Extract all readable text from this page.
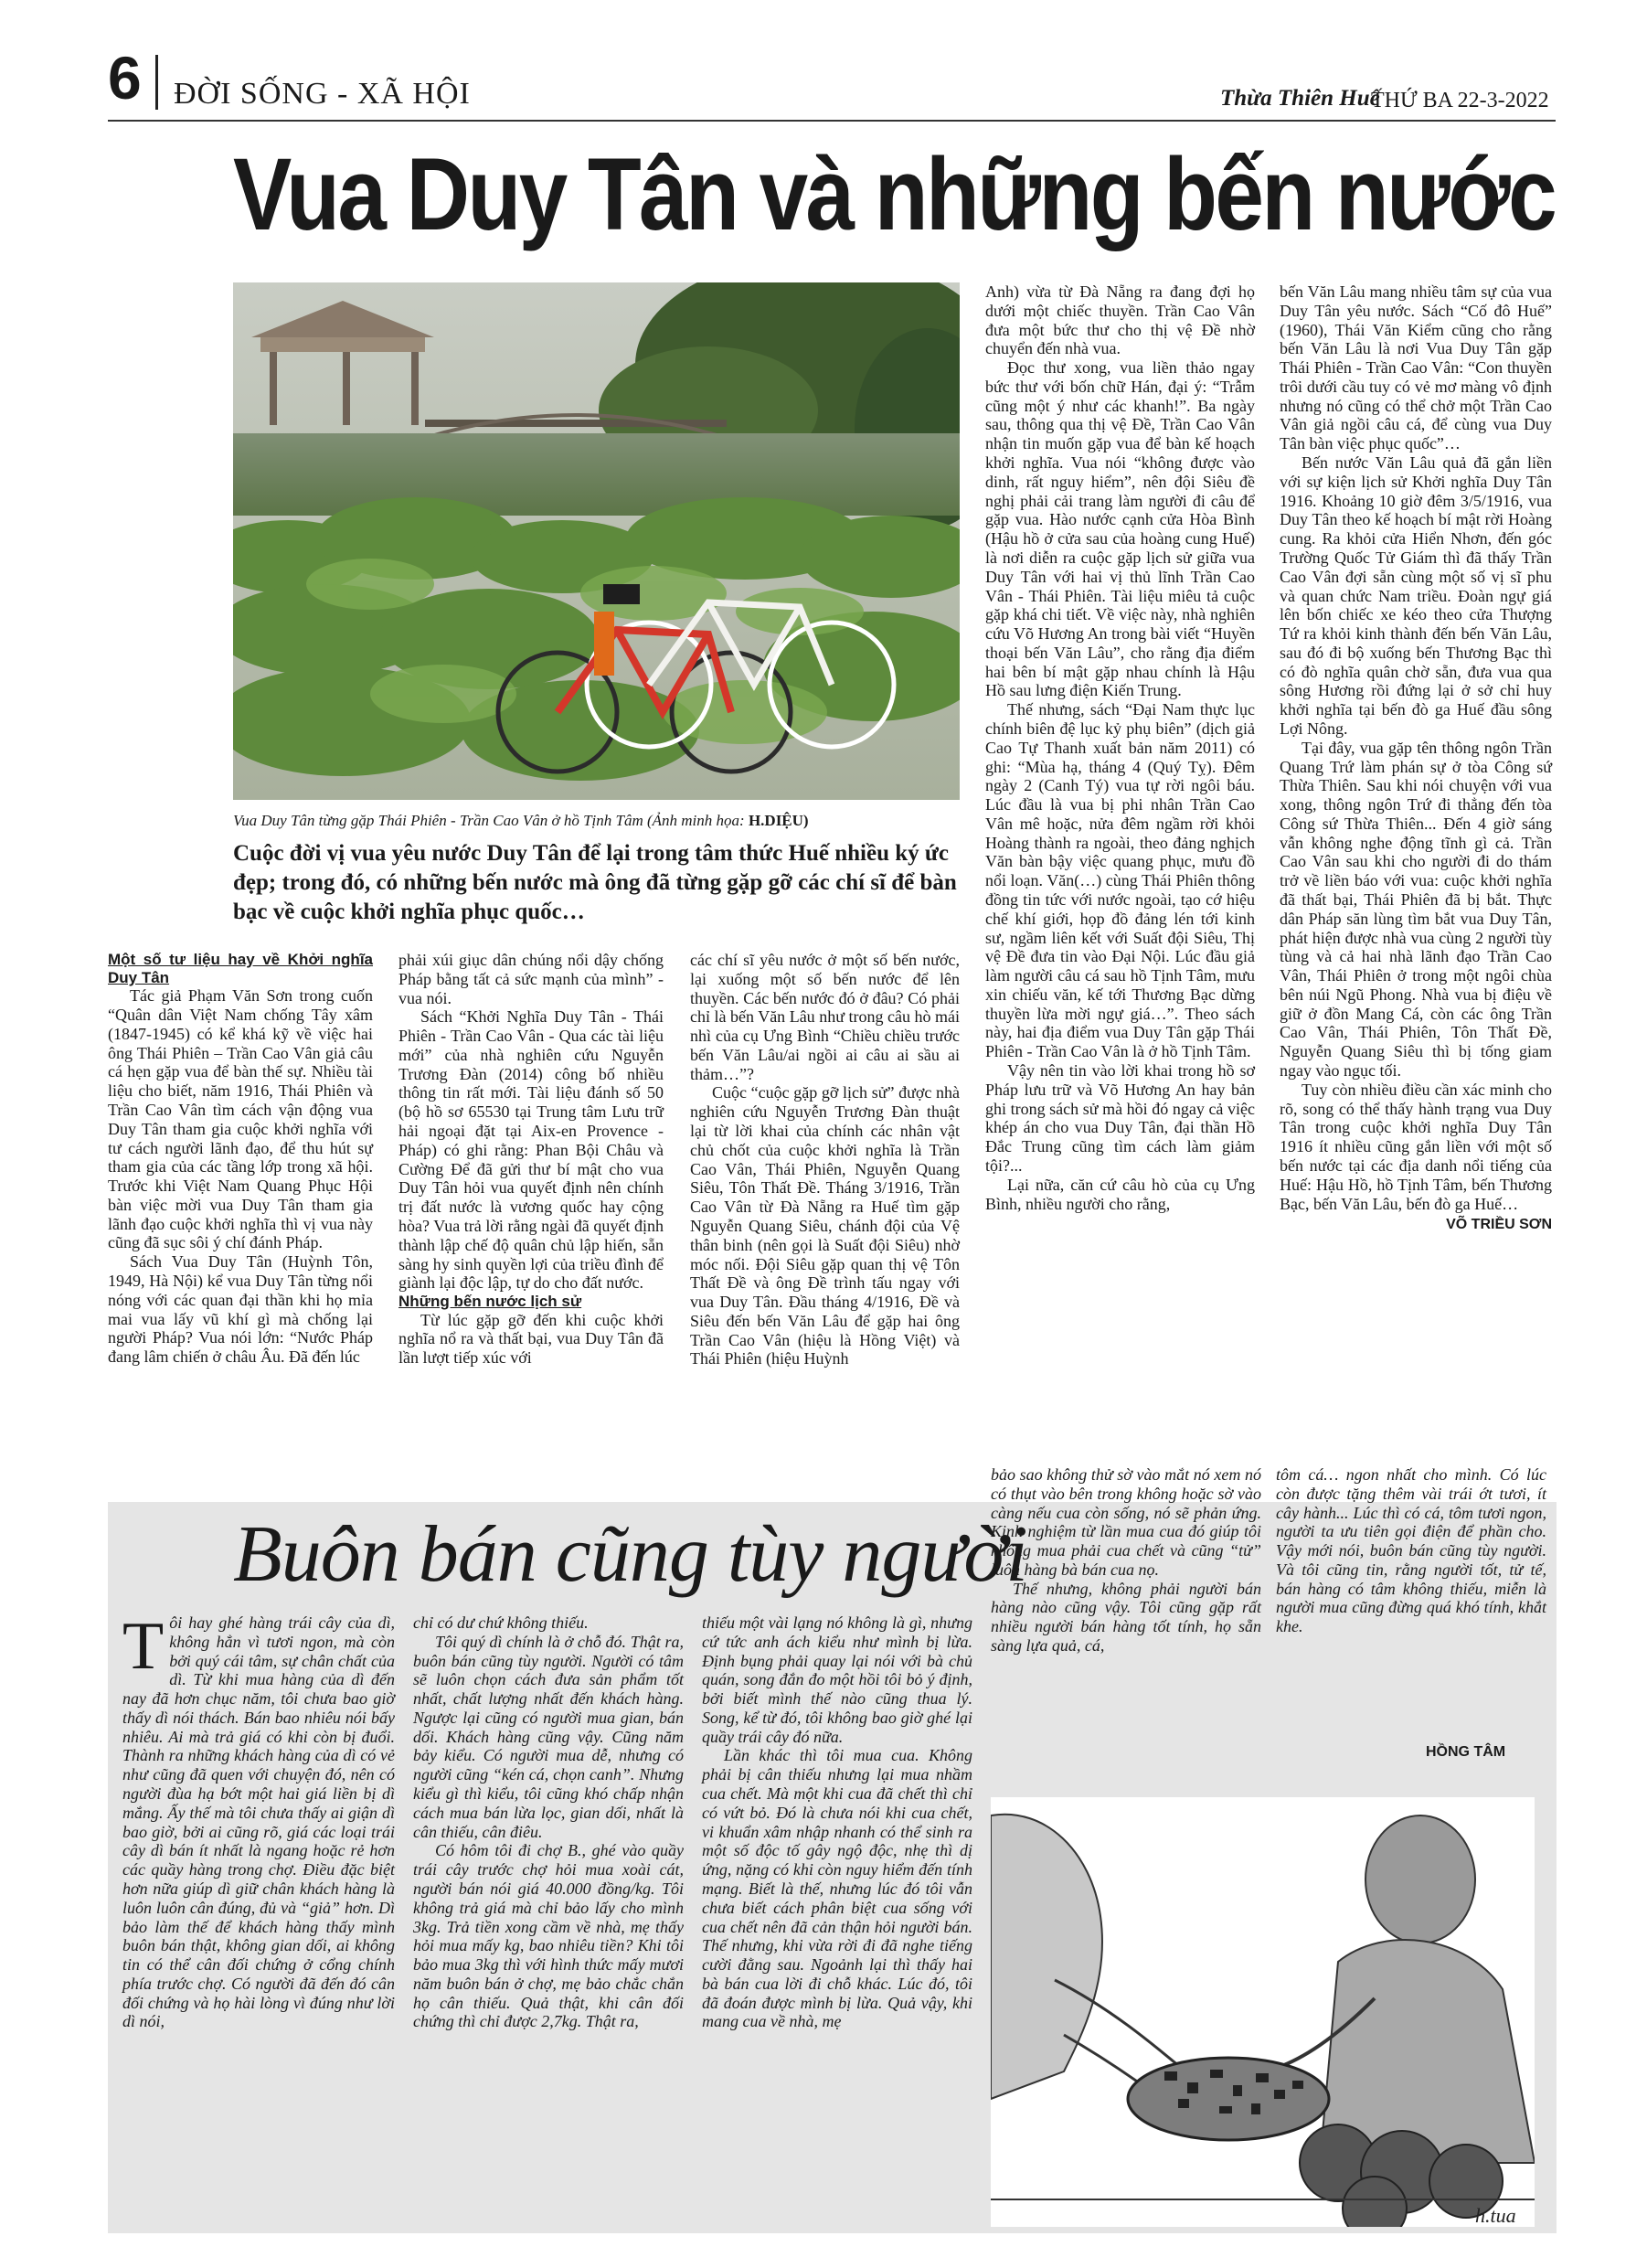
6 ĐỜI SỐNG - XÃ HỘI	Thừa Thiên Huế
THỨ BA 22-3-2022
Vua Duy Tân và những bến nước
Vua Duy Tân từng gặp Thái Phiên - Trần Cao Vân ở hồ Tịnh Tâm (Ảnh minh họa: H.DIỆU)
Cuộc đời vị vua yêu nước Duy Tân để lại trong tâm thức Huế nhiều ký ức đẹp; trong đó, có những bến nước mà ông đã từng gặp gỡ các chí sĩ để bàn bạc về cuộc khởi nghĩa phục quốc…

Một số tư liệu hay về Khởi nghĩa Duy Tân

Tác giả Phạm Văn Sơn trong cuốn “Quân dân Việt Nam chống Tây xâm (1847-1945) có kể khá kỹ về việc hai ông Thái Phiên – Trần Cao Vân giả câu cá hẹn gặp vua để bàn thế sự. Nhiều tài liệu cho biết, năm 1916, Thái Phiên và Trần Cao Vân tìm cách vận động vua Duy Tân tham gia cuộc khởi nghĩa với tư cách người lãnh đạo, để thu hút sự tham gia của các tầng lớp trong xã hội. Trước khi Việt Nam Quang Phục Hội bàn việc mời vua Duy Tân tham gia lãnh đạo cuộc khởi nghĩa thì vị vua này cũng đã sục sôi ý chí đánh Pháp.

Sách Vua Duy Tân (Huỳnh Tôn, 1949, Hà Nội) kể vua Duy Tân từng nổi nóng với các quan đại thần khi họ mỉa mai vua lấy vũ khí gì mà chống lại người Pháp? Vua nói lớn: “Nước Pháp đang lâm chiến ở châu Âu. Đã đến lúc

phải xúi giục dân chúng nổi dậy chống Pháp bằng tất cả sức mạnh của mình” - vua nói.

Sách “Khởi Nghĩa Duy Tân - Thái Phiên - Trần Cao Vân - Qua các tài liệu mới” của nhà nghiên cứu Nguyễn Trương Đàn (2014) công bố nhiều thông tin rất mới. Tài liệu đánh số 50 (bộ hồ sơ 65530 tại Trung tâm Lưu trữ hải ngoại đặt tại Aix-en Provence - Pháp) có ghi rằng: Phan Bội Châu và Cường Để đã gửi thư bí mật cho vua Duy Tân hỏi vua quyết định nên chính trị đất nước là vương quốc hay cộng hòa? Vua trả lời rằng ngài đã quyết định thành lập chế độ quân chủ lập hiến, sẵn sàng hy sinh quyền lợi của triều đình để giành lại độc lập, tự do cho đất nước.

Những bến nước lịch sử

Từ lúc gặp gỡ đến khi cuộc khởi nghĩa nổ ra và thất bại, vua Duy Tân đã lần lượt tiếp xúc với

các chí sĩ yêu nước ở một số bến nước, lại xuống một số bến nước để lên thuyền. Các bến nước đó ở đâu? Có phải chỉ là bến Văn Lâu như trong câu hò mái nhì của cụ Ưng Bình “Chiều chiều trước bến Văn Lâu/ai ngồi ai câu ai sầu ai thảm…”?

Cuộc “cuộc gặp gỡ lịch sử” được nhà nghiên cứu Nguyễn Trương Đàn thuật lại từ lời khai của chính các nhân vật chủ chốt của cuộc khởi nghĩa là Trần Cao Vân, Thái Phiên, Nguyễn Quang Siêu, Tôn Thất Đề. Tháng 3/1916, Trần Cao Vân từ Đà Nẵng ra Huế tìm gặp Nguyễn Quang Siêu, chánh đội của Vệ thân binh (nên gọi là Suất đội Siêu) nhờ móc nối. Đội Siêu gặp quan thị vệ Tôn Thất Đề và ông Đề trình tấu ngay với vua Duy Tân. Đầu tháng 4/1916, Đề và Siêu đến bến Văn Lâu để gặp hai ông Trần Cao Vân (hiệu là Hồng Việt) và Thái Phiên (hiệu Huỳnh

Anh) vừa từ Đà Nẵng ra đang đợi họ dưới một chiếc thuyền. Trần Cao Vân đưa một bức thư cho thị vệ Đề nhờ chuyển đến nhà vua.

Đọc thư xong, vua liền thảo ngay bức thư với bốn chữ Hán, đại ý: “Trẫm cũng một ý như các khanh!”. Ba ngày sau, thông qua thị vệ Đề, Trần Cao Vân nhận tin muốn gặp vua để bàn kế hoạch khởi nghĩa. Vua nói “không được vào dinh, rất nguy hiểm”, nên đội Siêu đề nghị phải cải trang làm người đi câu để gặp vua. Hào nước cạnh cửa Hòa Bình (Hậu hồ ở cửa sau của hoàng cung Huế) là nơi diễn ra cuộc gặp lịch sử giữa vua Duy Tân với hai vị thủ lĩnh Trần Cao Vân - Thái Phiên. Tài liệu miêu tả cuộc gặp khá chi tiết. Về việc này, nhà nghiên cứu Võ Hương An trong bài viết “Huyền thoại bến Văn Lâu”, cho rằng địa điểm hai bên bí mật gặp nhau chính là Hậu Hồ sau lưng điện Kiến Trung.

Thế nhưng, sách “Đại Nam thực lục chính biên đệ lục kỷ phụ biên” (dịch giả Cao Tự Thanh xuất bản năm 2011) có ghi: “Mùa hạ, tháng 4 (Quý Tỵ). Đêm ngày 2 (Canh Tý) vua tự rời ngôi báu. Lúc đầu là vua bị phi nhân Trần Cao Vân mê hoặc, nửa đêm ngầm rời khỏi Hoàng thành ra ngoài, theo đảng nghịch Văn bàn bậy việc quang phục, mưu đồ nổi loạn. Văn(…) cùng Thái Phiên thông đồng tin tức với nước ngoài, tạo cớ hiệu chế khí giới, họp đồ đảng lén tới kinh sư, ngầm liên kết với Suất đội Siêu, Thị vệ Đề đưa tin vào Đại Nội. Lúc đầu giả làm người câu cá sau hồ Tịnh Tâm, mưu xin chiếu văn, kế tới Thương Bạc dừng thuyền lừa mời ngự giá…”. Theo sách này, hai địa điểm vua Duy Tân gặp Thái Phiên - Trần Cao Vân là ở hồ Tịnh Tâm.

Vậy nên tin vào lời khai trong hồ sơ Pháp lưu trữ và Võ Hương An hay bản ghi trong sách sử mà hồi đó ngay cả việc khép án cho vua Duy Tân, đại thần Hồ Đắc Trung cũng tìm cách làm giảm tội?...

Lại nữa, căn cứ câu hò của cụ Ưng Bình, nhiều người cho rằng,

bến Văn Lâu mang nhiều tâm sự của vua Duy Tân yêu nước. Sách “Cố đô Huế” (1960), Thái Văn Kiểm cũng cho rằng bến Văn Lâu là nơi Vua Duy Tân gặp Thái Phiên - Trần Cao Vân: “Con thuyền trôi dưới cầu tuy có vẻ mơ màng vô định nhưng nó cũng có thể chở một Trần Cao Vân giả ngồi câu cá, để cùng vua Duy Tân bàn việc phục quốc”…

Bến nước Văn Lâu quả đã gắn liền với sự kiện lịch sử Khởi nghĩa Duy Tân 1916. Khoảng 10 giờ đêm 3/5/1916, vua Duy Tân theo kế hoạch bí mật rời Hoàng cung. Ra khỏi cửa Hiển Nhơn, đến góc Trường Quốc Tử Giám thì đã thấy Trần Cao Vân đợi sẵn cùng một số vị sĩ phu và quan chức Nam triều. Đoàn ngự giá lên bốn chiếc xe kéo theo cửa Thượng Tứ ra khỏi kinh thành đến bến Văn Lâu, sau đó đi bộ xuống bến Thương Bạc thì có đò nghĩa quân chờ sẵn, đưa vua qua sông Hương rồi đứng lại ở sở chỉ huy khởi nghĩa tại bến đò ga Huế đầu sông Lợi Nông.

Tại đây, vua gặp tên thông ngôn Trần Quang Trứ làm phán sự ở tòa Công sứ Thừa Thiên. Sau khi nói chuyện với vua xong, thông ngôn Trứ đi thẳng đến tòa Công sứ Thừa Thiên... Đến 4 giờ sáng vẫn không nghe động tĩnh gì cả. Trần Cao Vân sau khi cho người đi do thám trở về liền báo với vua: cuộc khởi nghĩa đã thất bại, Thái Phiên đã bị bắt. Thực dân Pháp săn lùng tìm bắt vua Duy Tân, phát hiện được nhà vua cùng 2 người tùy tùng và cả hai nhà lãnh đạo Trần Cao Vân, Thái Phiên ở trong một ngôi chùa bên núi Ngũ Phong. Nhà vua bị điệu về giữ ở đồn Mang Cá, còn các ông Trần Cao Vân, Thái Phiên, Tôn Thất Đề, Nguyễn Quang Siêu thì bị tống giam ngay vào ngục tối.

Tuy còn nhiều điều cần xác minh cho rõ, song có thể thấy hành trạng vua Duy Tân trong cuộc khởi nghĩa Duy Tân 1916 ít nhiều cũng gắn liền với một số bến nước tại các địa danh nổi tiếng của Huế: Hậu Hồ, hồ Tịnh Tâm, bến Thương Bạc, bến Văn Lâu, bến đò ga Huế…

VÕ TRIỀU SƠN
Buôn bán cũng tùy người

Tôi hay ghé hàng trái cây của dì, không hẳn vì tươi ngon, mà còn bởi quý cái tâm, sự chân chất của dì. Từ khi mua hàng của dì đến nay đã hơn chục năm, tôi chưa bao giờ thấy dì nói thách. Bán bao nhiêu nói bấy nhiêu. Ai mà trả giá có khi còn bị đuổi. Thành ra những khách hàng của dì có vẻ như cũng đã quen với chuyện đó, nên có người đùa hạ bớt một hai giá liền bị dì mắng. Ấy thế mà tôi chưa thấy ai giận dì bao giờ, bởi ai cũng rõ, giá các loại trái cây dì bán ít nhất là ngang hoặc rẻ hơn các quầy hàng trong chợ. Điều đặc biệt hơn nữa giúp dì giữ chân khách hàng là luôn luôn cân đúng, đủ và “giả” hơn. Dì bảo làm thế để khách hàng thấy mình buôn bán thật, không gian dối, ai không tin có thể cân đối chứng ở cổng chính phía trước chợ. Có người đã đến đó cân đối chứng và họ hài lòng vì đúng như lời dì nói,

chỉ có dư chứ không thiếu.

Tôi quý dì chính là ở chỗ đó. Thật ra, buôn bán cũng tùy người. Người có tâm sẽ luôn chọn cách đưa sản phẩm tốt nhất, chất lượng nhất đến khách hàng. Ngược lại cũng có người mua gian, bán dối. Khách hàng cũng vậy. Cũng năm bảy kiểu. Có người mua dễ, nhưng có người cũng “kén cá, chọn canh”. Nhưng kiểu gì thì kiểu, tôi cũng khó chấp nhận cách mua bán lừa lọc, gian dối, nhất là cân thiếu, cân điêu.

Có hôm tôi đi chợ B., ghé vào quầy trái cây trước chợ hỏi mua xoài cát, người bán nói giá 40.000 đồng/kg. Tôi không trả giá mà chỉ bảo lấy cho mình 3kg. Trả tiền xong cầm về nhà, mẹ thấy hỏi mua mấy kg, bao nhiêu tiền? Khi tôi bảo mua 3kg thì với hình thức mấy mươi năm buôn bán ở chợ, mẹ bảo chắc chắn họ cân thiếu. Quả thật, khi cân đối chứng thì chỉ được 2,7kg. Thật ra,

thiếu một vài lạng nó không là gì, nhưng cứ tức anh ách kiểu như mình bị lừa. Định bụng phải quay lại nói với bà chủ quán, song đắn đo một hồi tôi bỏ ý định, bởi biết mình thế nào cũng thua lý. Song, kể từ đó, tôi không bao giờ ghé lại quầy trái cây đó nữa.

Lần khác thì tôi mua cua. Không phải bị cân thiếu nhưng lại mua nhầm cua chết. Mà một khi cua đã chết thì chỉ có vứt bỏ. Đó là chưa nói khi cua chết, vi khuẩn xâm nhập nhanh có thể sinh ra một số độc tố gây ngộ độc, nhẹ thì dị ứng, nặng có khi còn nguy hiểm đến tính mạng. Biết là thế, nhưng lúc đó tôi vẫn chưa biết cách phân biệt cua sống với cua chết nên đã cản thận hỏi người bán. Thế nhưng, khi vừa rời đi đã nghe tiếng cười đằng sau. Ngoảnh lại thì thấy hai bà bán cua lời đi chỗ khác. Lúc đó, tôi đã đoán được mình bị lừa. Quả vậy, khi mang cua về nhà, mẹ

bảo sao không thử sờ vào mắt nó xem nó có thụt vào bên trong không hoặc sờ vào càng nếu cua còn sống, nó sẽ phản ứng. Kinh nghiệm từ lần mua cua đó giúp tôi không mua phải cua chết và cũng “tử” luôn hàng bà bán cua nọ.

Thế nhưng, không phải người bán hàng nào cũng vậy. Tôi cũng gặp rất nhiều người bán hàng tốt tính, họ sẵn sàng lựa quả, cá,

tôm cá… ngon nhất cho mình. Có lúc còn được tặng thêm vài trái ớt tươi, ít cây hành... Lúc thì có cá, tôm tươi ngon, người ta ưu tiên gọi điện để phần cho. Vậy mới nói, buôn bán cũng tùy người. Và tôi cũng tin, rằng người tốt, tử tế, bán hàng có tâm không thiếu, miễn là người mua cũng đừng quá khó tính, khắt khe.

HỒNG TÂM
h.tua
